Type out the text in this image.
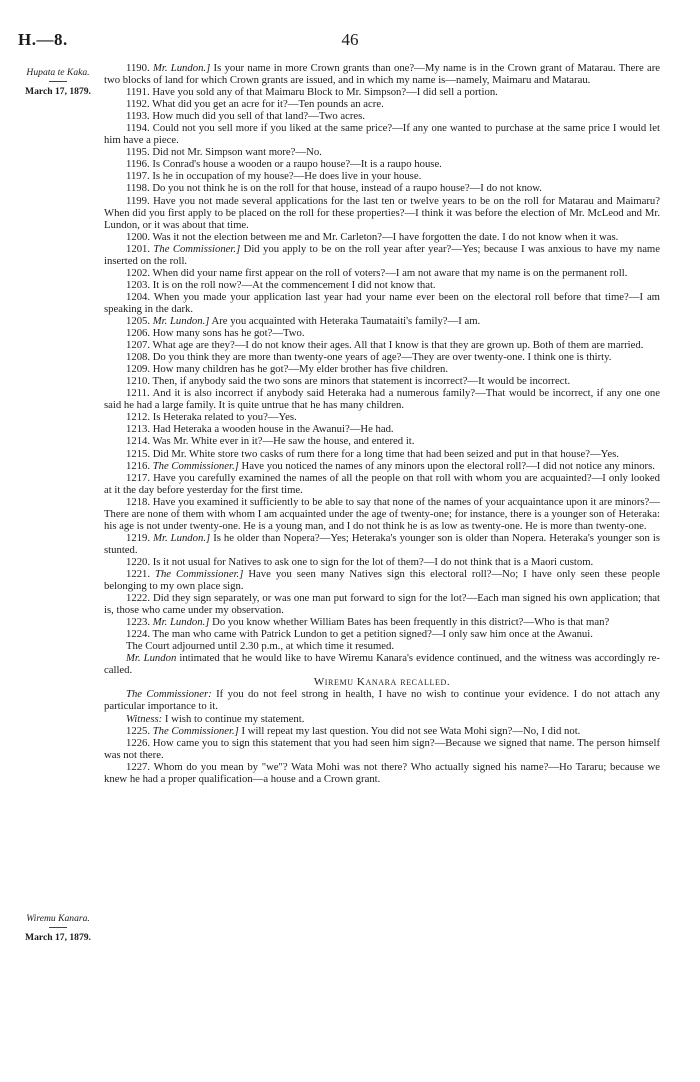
H.—8.	46
Hupata te Kaka.
March 17, 1879.
Wiremu Kanara.
March 17, 1879.

1190. Mr. Lundon.] Is your name in more Crown grants than one?—My name is in the Crown grant of Matarau. There are two blocks of land for which Crown grants are issued, and in which my name is—namely, Maimaru and Matarau.

1191. Have you sold any of that Maimaru Block to Mr. Simpson?—I did sell a portion.

1192. What did you get an acre for it?—Ten pounds an acre.

1193. How much did you sell of that land?—Two acres.

1194. Could not you sell more if you liked at the same price?—If any one wanted to purchase at the same price I would let him have a piece.

1195. Did not Mr. Simpson want more?—No.

1196. Is Conrad's house a wooden or a raupo house?—It is a raupo house.

1197. Is he in occupation of my house?—He does live in your house.

1198. Do you not think he is on the roll for that house, instead of a raupo house?—I do not know.

1199. Have you not made several applications for the last ten or twelve years to be on the roll for Matarau and Maimaru? When did you first apply to be placed on the roll for these properties?—I think it was before the election of Mr. McLeod and Mr. Lundon, or it was about that time.

1200. Was it not the election between me and Mr. Carleton?—I have forgotten the date. I do not know when it was.

1201. The Commissioner.] Did you apply to be on the roll year after year?—Yes; because I was anxious to have my name inserted on the roll.

1202. When did your name first appear on the roll of voters?—I am not aware that my name is on the permanent roll.

1203. It is on the roll now?—At the commencement I did not know that.

1204. When you made your application last year had your name ever been on the electoral roll before that time?—I am speaking in the dark.

1205. Mr. Lundon.] Are you acquainted with Heteraka Taumataiti's family?—I am.

1206. How many sons has he got?—Two.

1207. What age are they?—I do not know their ages. All that I know is that they are grown up. Both of them are married.

1208. Do you think they are more than twenty-one years of age?—They are over twenty-one. I think one is thirty.

1209. How many children has he got?—My elder brother has five children.

1210. Then, if anybody said the two sons are minors that statement is incorrect?—It would be incorrect.

1211. And it is also incorrect if anybody said Heteraka had a numerous family?—That would be incorrect, if any one one said he had a large family. It is quite untrue that he has many children.

1212. Is Heteraka related to you?—Yes.

1213. Had Heteraka a wooden house in the Awanui?—He had.

1214. Was Mr. White ever in it?—He saw the house, and entered it.

1215. Did Mr. White store two casks of rum there for a long time that had been seized and put in that house?—Yes.

1216. The Commissioner.] Have you noticed the names of any minors upon the electoral roll?—I did not notice any minors.

1217. Have you carefully examined the names of all the people on that roll with whom you are acquainted?—I only looked at it the day before yesterday for the first time.

1218. Have you examined it sufficiently to be able to say that none of the names of your acquaintance upon it are minors?—There are none of them with whom I am acquainted under the age of twenty-one; for instance, there is a younger son of Heteraka: his age is not under twenty-one. He is a young man, and I do not think he is as low as twenty-one. He is more than twenty-one.

1219. Mr. Lundon.] Is he older than Nopera?—Yes; Heteraka's younger son is older than Nopera. Heteraka's younger son is stunted.

1220. Is it not usual for Natives to ask one to sign for the lot of them?—I do not think that is a Maori custom.

1221. The Commissioner.] Have you seen many Natives sign this electoral roll?—No; I have only seen these people belonging to my own place sign.

1222. Did they sign separately, or was one man put forward to sign for the lot?—Each man signed his own application; that is, those who came under my observation.

1223. Mr. Lundon.] Do you know whether William Bates has been frequently in this district?—Who is that man?

1224. The man who came with Patrick Lundon to get a petition signed?—I only saw him once at the Awanui.

The Court adjourned until 2.30 p.m., at which time it resumed.

Mr. Lundon intimated that he would like to have Wiremu Kanara's evidence continued, and the witness was accordingly re-called.

Wiremu Kanara recalled.

The Commissioner: If you do not feel strong in health, I have no wish to continue your evidence. I do not attach any particular importance to it.

Witness: I wish to continue my statement.

1225. The Commissioner.] I will repeat my last question. You did not see Wata Mohi sign?—No, I did not.

1226. How came you to sign this statement that you had seen him sign?—Because we signed that name. The person himself was not there.

1227. Whom do you mean by "we"? Wata Mohi was not there? Who actually signed his name?—Ho Tararu; because we knew he had a proper qualification—a house and a Crown grant.
